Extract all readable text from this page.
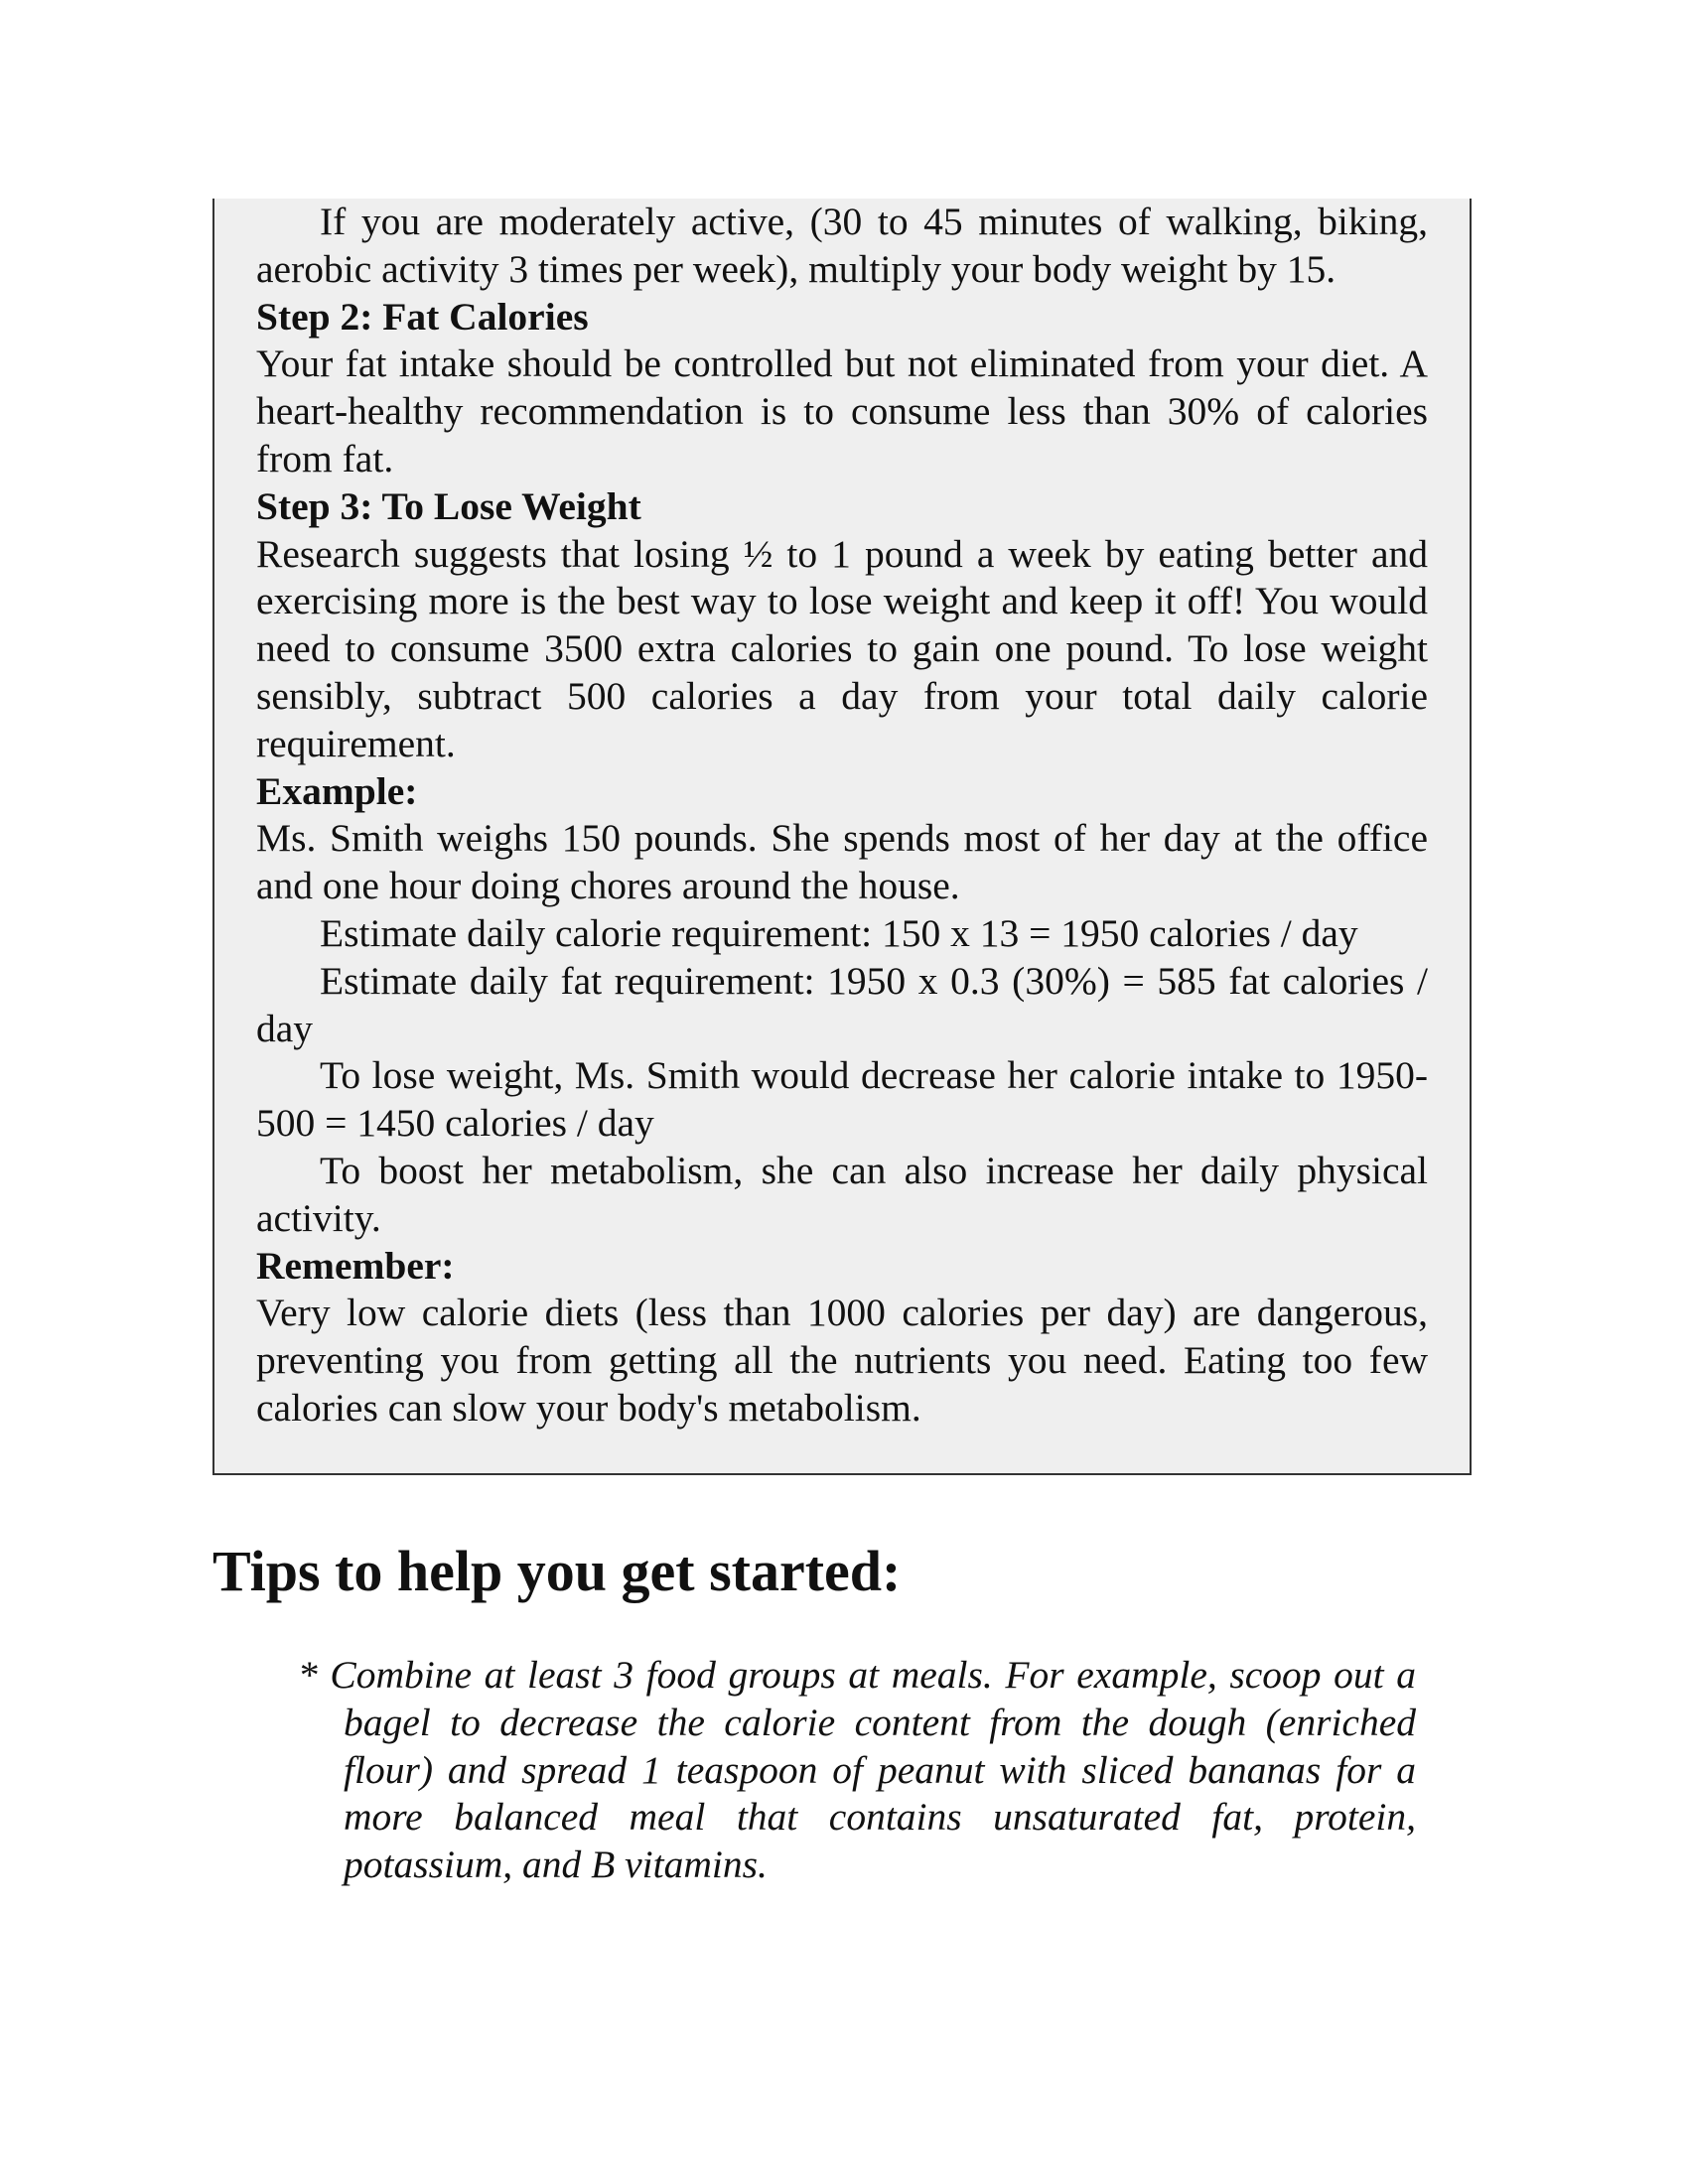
If you are moderately active, (30 to 45 minutes of walking, biking, aerobic activity 3 times per week), multiply your body weight by 15.

Step 2: Fat Calories

Your fat intake should be controlled but not eliminated from your diet. A heart-healthy recommendation is to consume less than 30% of calories from fat.

Step 3: To Lose Weight

Research suggests that losing ½ to 1 pound a week by eating better and exercising more is the best way to lose weight and keep it off! You would need to consume 3500 extra calories to gain one pound. To lose weight sensibly, subtract 500 calories a day from your total daily calorie requirement.

Example:

Ms. Smith weighs 150 pounds. She spends most of her day at the office and one hour doing chores around the house.

Estimate daily calorie requirement: 150 x 13 = 1950 calories / day

Estimate daily fat requirement: 1950 x 0.3 (30%) = 585 fat calories / day

To lose weight, Ms. Smith would decrease her calorie intake to 1950-500 = 1450 calories / day

To boost her metabolism, she can also increase her daily physical activity.

Remember:

Very low calorie diets (less than 1000 calories per day) are dangerous, preventing you from getting all the nutrients you need. Eating too few calories can slow your body's metabolism.

Tips to help you get started:

* Combine at least 3 food groups at meals. For example, scoop out a bagel to decrease the calorie content from the dough (enriched flour) and spread 1 teaspoon of peanut with sliced bananas for a more balanced meal that contains unsaturated fat, protein, potassium, and B vitamins.
